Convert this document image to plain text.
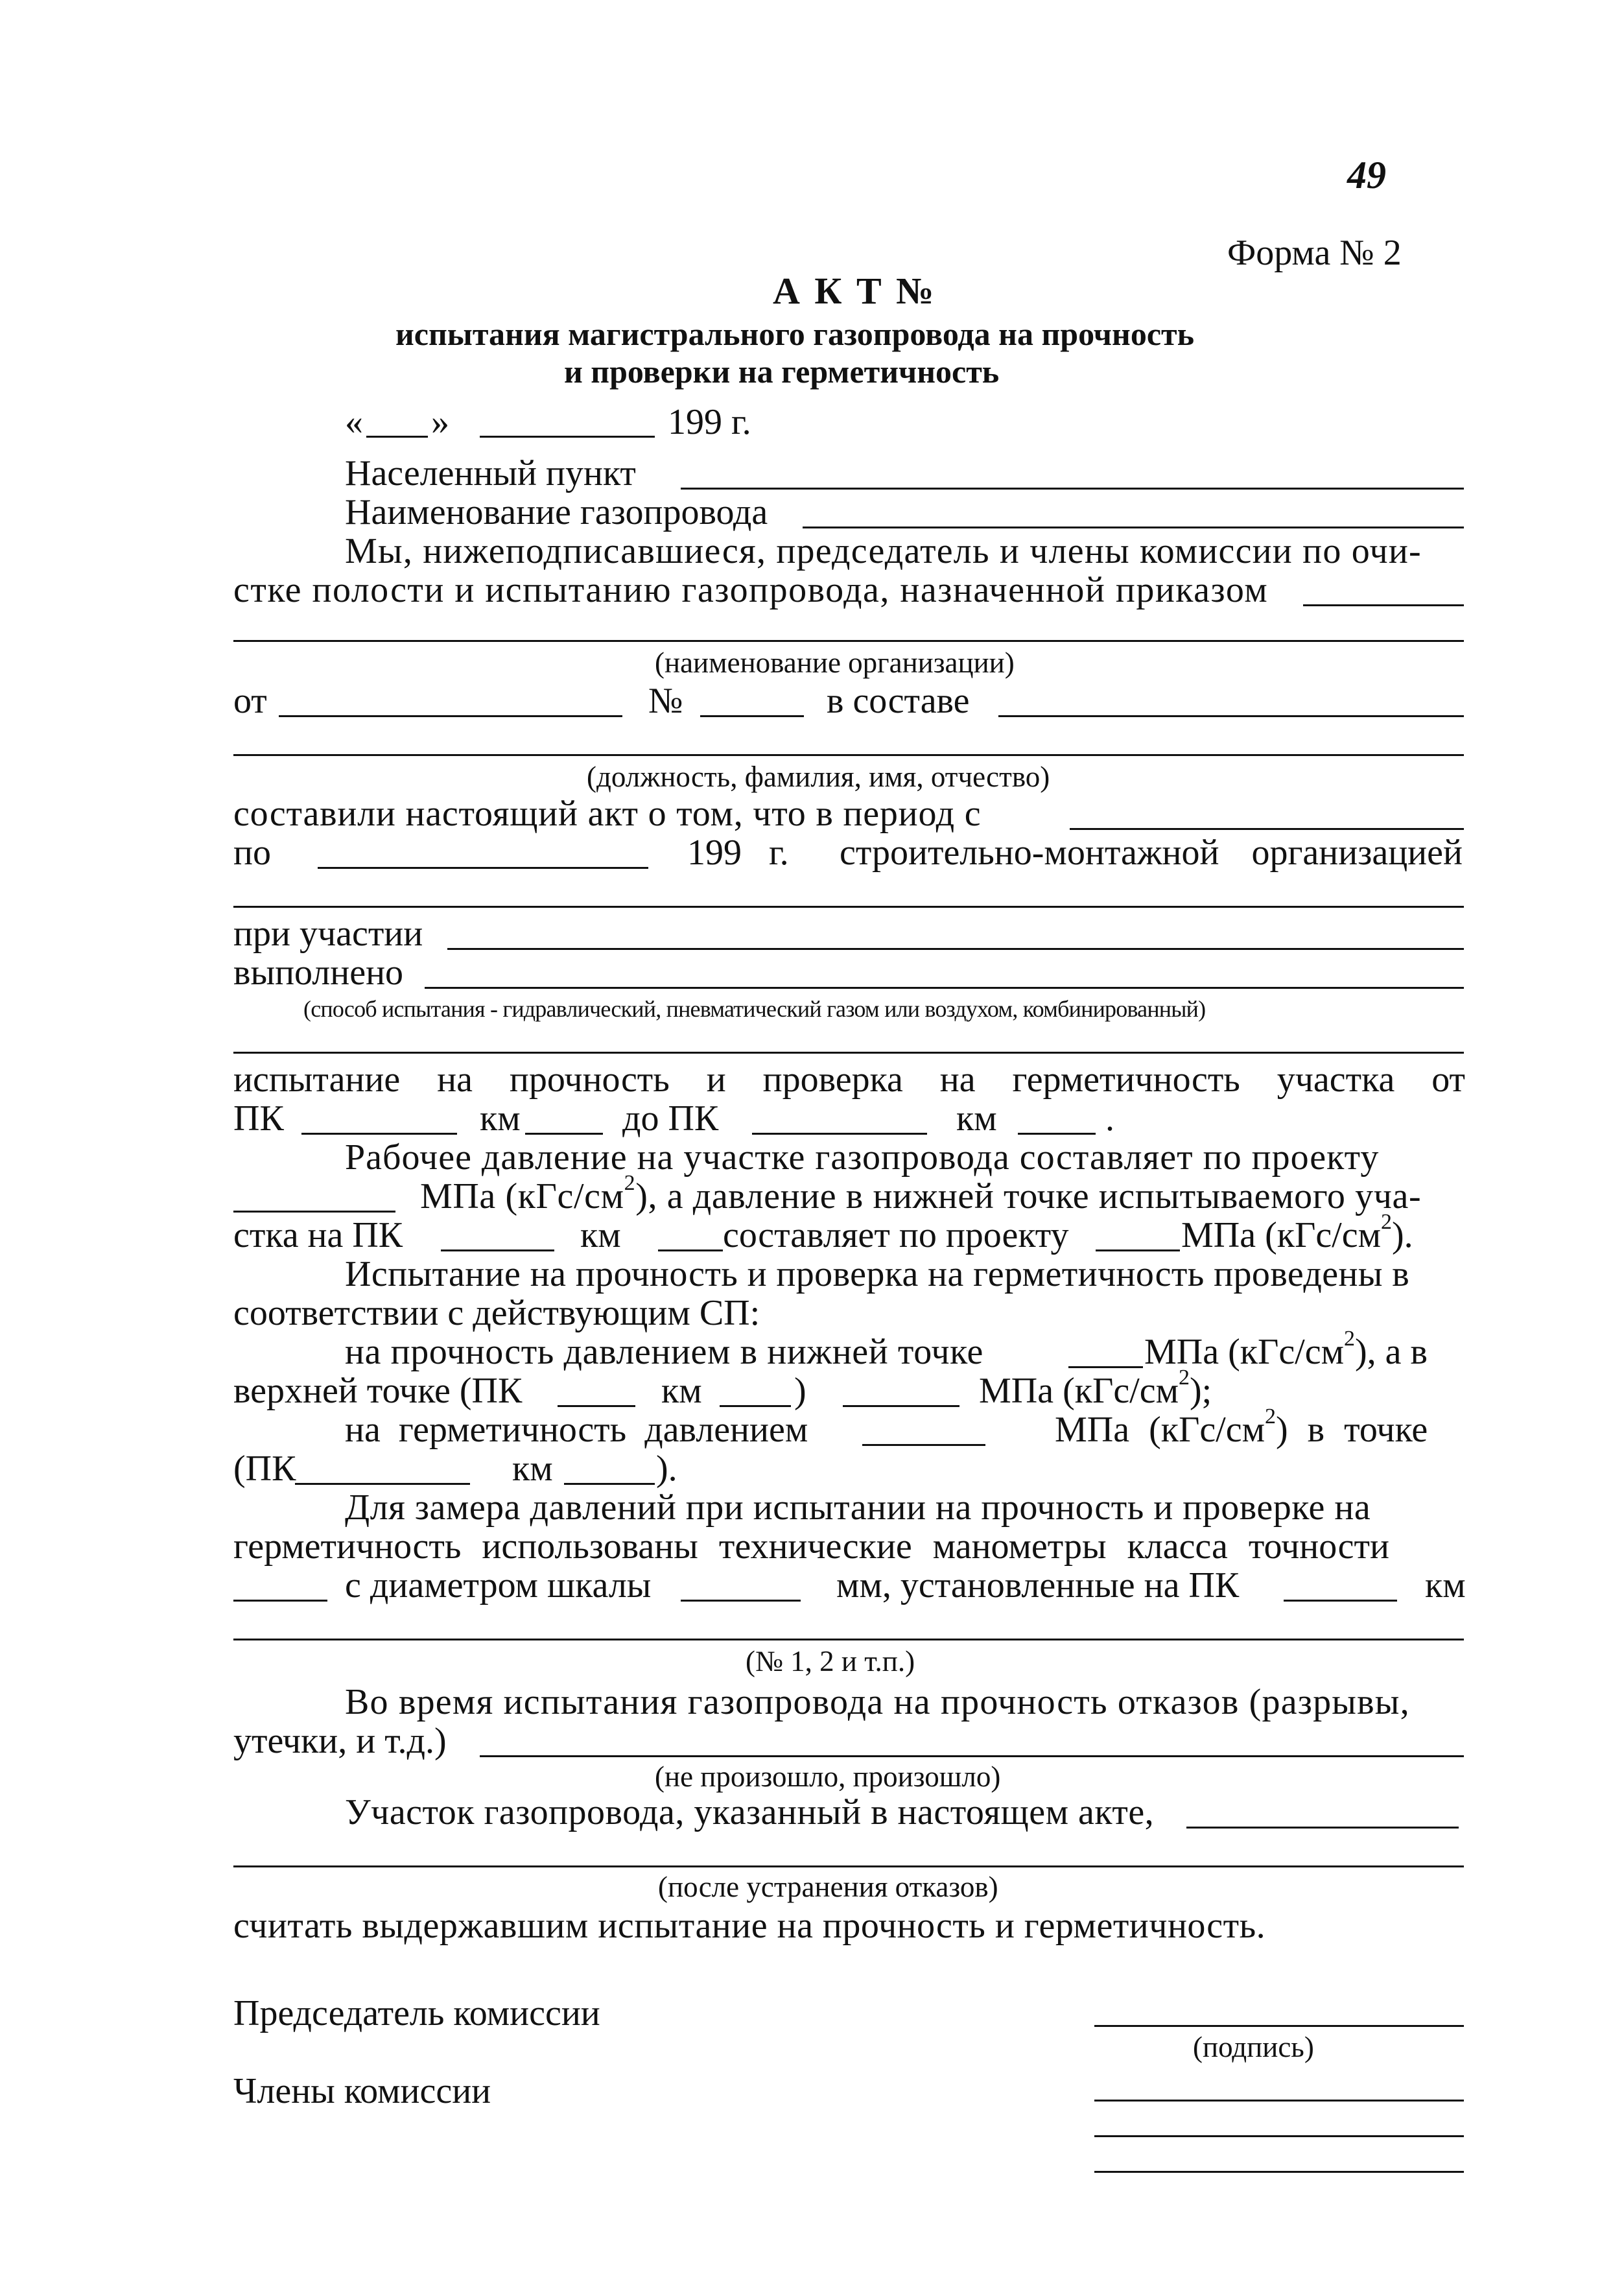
49
Форма № 2
А К Т №
испытания магистрального газопровода на прочность
и проверки на герметичность
« »	199 г.
Населенный пункт
Наименование газопровода
Мы, нижеподписавшиеся, председатель и члены комиссии по очи-
стке полости и испытанию газопровода, назначенной приказом
(наименование организации)
от	№	в составе
(должность, фамилия, имя, отчество)
составили настоящий акт о том, что в период с
по	199 г. строительно-монтажной организацией
при участии
выполнено
(способ испытания - гидравлический, пневматический газом или воздухом, комбинированный)
испытание на прочность и проверка на герметичность участка от
ПК	км	до ПК	км	.
Рабочее давление на участке газопровода составляет по проекту
МПа $(кГс/см^2)$, а давление в нижней точке испытываемого уча-
стка на ПК	км	составляет по проекту	МПа $(кГс/см^2)$.
Испытание на прочность и проверка на герметичность проведены в
соответствии с действующим СП:
на прочность давлением в нижней точке	МПа $(кГс/см^2)$, а в
верхней точке (ПК	км	)	МПа $(кГс/см^2)$;
на герметичность давлением	МПа $(кГс/см^2)$ в точке
(ПК	км	).
Для замера давлений при испытании на прочность и проверке на
герметичность использованы технические манометры класса точности
с диаметром шкалы	мм, установленные на ПК	км
(№ 1, 2 и т.п.)
Во время испытания газопровода на прочность отказов (разрывы,
утечки, и т.д.)
(не произошло, произошло)
Участок газопровода, указанный в настоящем акте,
(после устранения отказов)
считать выдержавшим испытание на прочность и герметичность.
Председатель комиссии
(подпись)
Члены комиссии
